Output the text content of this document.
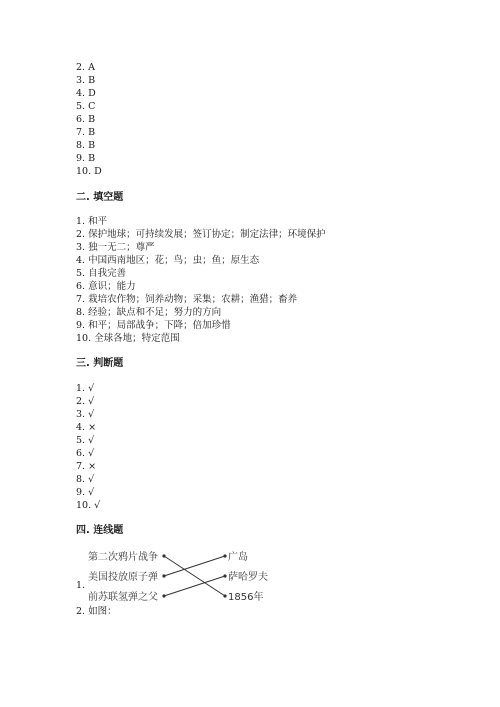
2. A
3. B
4. D
5. C
6. B
7. B
8. B
9. B
10. D
二. 填空题
1. 和平
2. 保护地球；可持续发展；签订协定；制定法律；环境保护
3. 独一无二；尊严
4. 中国西南地区；花；鸟；虫；鱼；原生态
5. 自我完善
6. 意识；能力
7. 栽培农作物；饲养动物；采集；农耕；渔猎；畜养
8. 经验；缺点和不足；努力的方向
9. 和平；局部战争；下降；倍加珍惜
10. 全球各地；特定范围
三. 判断题
1. √
2. √
3. √
4. ×
5. √
6. √
7. ×
8. √
9. √
10. √
四. 连线题
第二次鸦片战争
美国投放原子弹
前苏联氢弹之父
广岛
萨哈罗夫
1856年
1.
2. 如图：
